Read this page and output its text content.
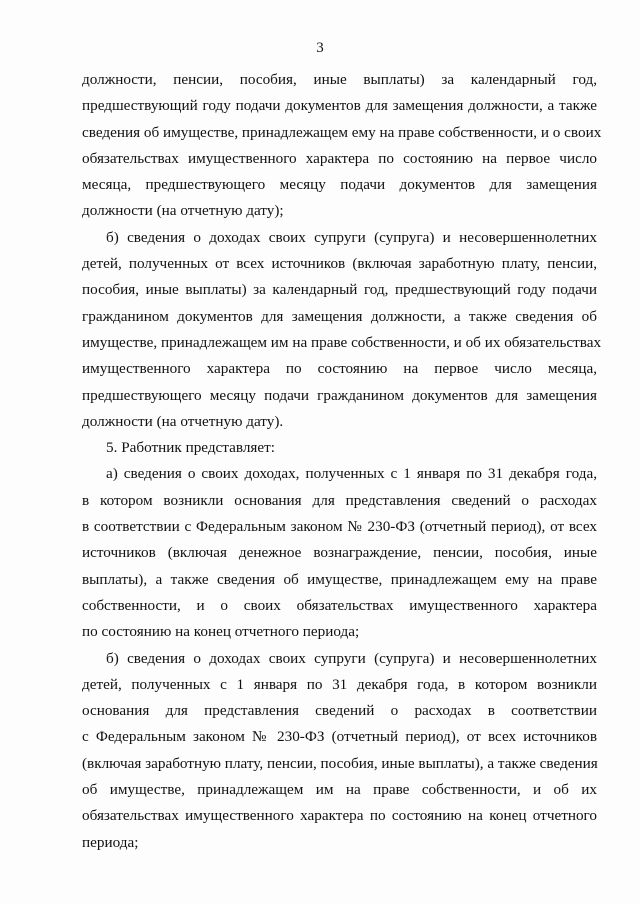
3
должности, пенсии, пособия, иные выплаты) за календарный год,
предшествующий году подачи документов для замещения должности, а также
сведения об имуществе, принадлежащем ему на праве собственности, и о своих
обязательствах имущественного характера по состоянию на первое число
месяца, предшествующего месяцу подачи документов для замещения
должности (на отчетную дату);
б) сведения о доходах своих супруги (супруга) и несовершеннолетних
детей, полученных от всех источников (включая заработную плату, пенсии,
пособия, иные выплаты) за календарный год, предшествующий году подачи
гражданином документов для замещения должности, а также сведения об
имуществе, принадлежащем им на праве собственности, и об их обязательствах
имущественного характера по состоянию на первое число месяца,
предшествующего месяцу подачи гражданином документов для замещения
должности (на отчетную дату).
5. Работник представляет:
а) сведения о своих доходах, полученных с 1 января по 31 декабря года,
в котором возникли основания для представления сведений о расходах
в соответствии с Федеральным законом № 230-ФЗ (отчетный период), от всех
источников (включая денежное вознаграждение, пенсии, пособия, иные
выплаты), а также сведения об имуществе, принадлежащем ему на праве
собственности, и о своих обязательствах имущественного характера
по состоянию на конец отчетного периода;
б) сведения о доходах своих супруги (супруга) и несовершеннолетних
детей, полученных с 1 января по 31 декабря года, в котором возникли
основания для представления сведений о расходах в соответствии
с Федеральным законом № 230-ФЗ (отчетный период), от всех источников
(включая заработную плату, пенсии, пособия, иные выплаты), а также сведения
об имуществе, принадлежащем им на праве собственности, и об их
обязательствах имущественного характера по состоянию на конец отчетного
периода;
